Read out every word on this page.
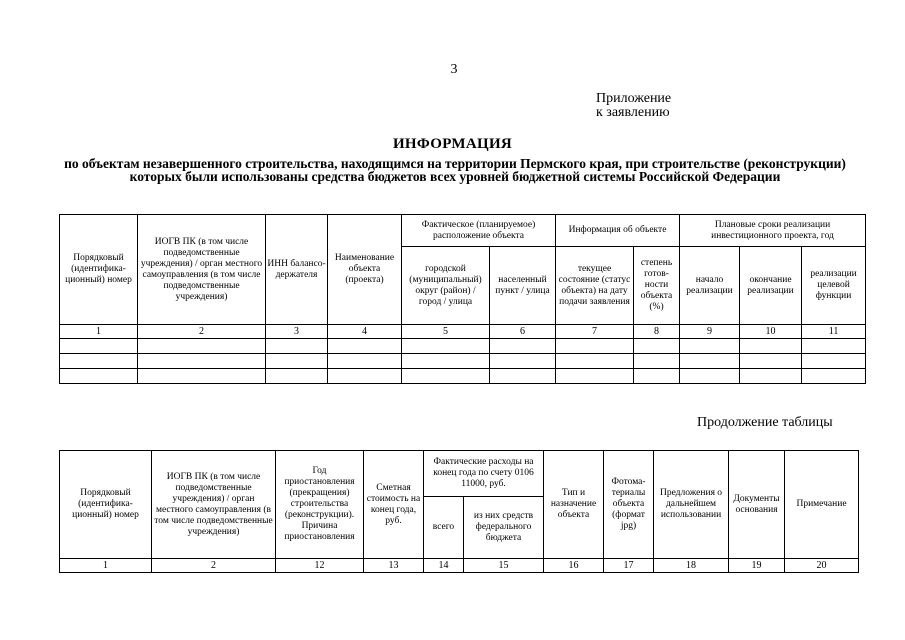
3
Приложение
к заявлению
ИНФОРМАЦИЯ
по объектам незавершенного строительства, находящимся на территории Пермского края, при строительстве (реконструкции) которых были использованы средства бюджетов всех уровней бюджетной системы Российской Федерации
Порядковый (идентифика-ционный) номер	ИОГВ ПК (в том числе подведомственные учреждения) / орган местного самоуправления (в том числе подведомственные учреждения)	ИНН балансо-держателя	Наименование объекта (проекта)	Фактическое (планируемое) расположение объекта		Информация об объекте		Плановые сроки реализации инвестиционного проекта, год		
				городской (муниципальный) округ (район) / город / улица	населенный пункт / улица	текущее состояние (статус объекта) на дату подачи заявления	степень готов-ности объекта (%)	начало реализации	окончание реализации	реализации целевой функции
1	2	3	4	5	6	7	8	9	10	11

Продолжение таблицы
Порядковый (идентифика-ционный) номер	ИОГВ ПК (в том числе подведомственные учреждения) / орган местного самоуправления (в том числе подведомственные учреждения)	Год приостановления (прекращения) строительства (реконструкции). Причина приостановления	Сметная стоимость на конец года, руб.	Фактические расходы на конец года по счету 0106 11000, руб.		Тип и назначение объекта	Фотома-териалы объекта (формат jpg)	Предложения о дальнейшем использовании	Документы основания	Примечание
				всего	из них средств федерального бюджета					
1	2	12	13	14	15	16	17	18	19	20
